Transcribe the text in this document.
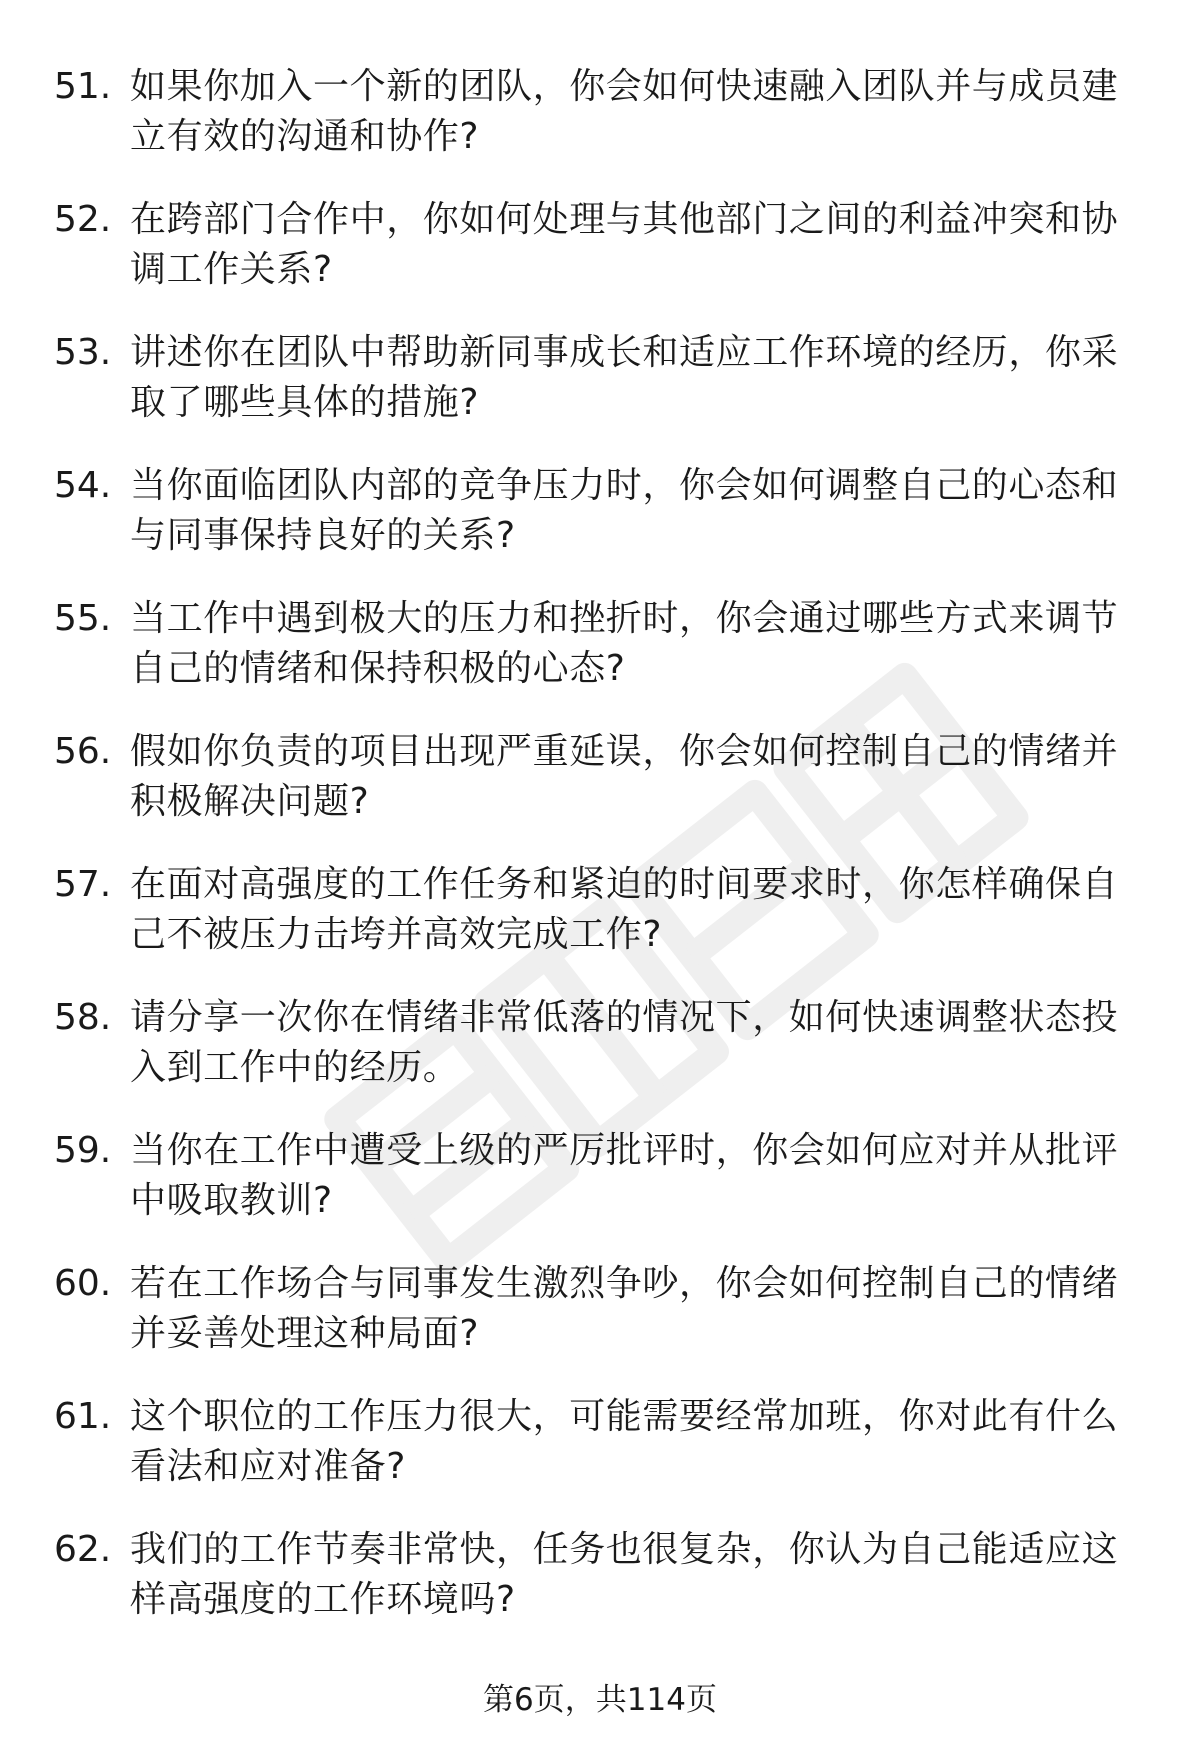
51. 如果你加入一个新的团队，你会如何快速融入团队并与成员建立有效的沟通和协作?
52. 在跨部门合作中，你如何处理与其他部门之间的利益冲突和协调工作关系?
53. 讲述你在团队中帮助新同事成长和适应工作环境的经历，你采取了哪些具体的措施?
54. 当你面临团队内部的竞争压力时，你会如何调整自己的心态和与同事保持良好的关系?
55. 当工作中遇到极大的压力和挫折时，你会通过哪些方式来调节自己的情绪和保持积极的心态?
56. 假如你负责的项目出现严重延误，你会如何控制自己的情绪并积极解决问题?
57. 在面对高强度的工作任务和紧迫的时间要求时，你怎样确保自己不被压力击垮并高效完成工作?
58. 请分享一次你在情绪非常低落的情况下，如何快速调整状态投入到工作中的经历。
59. 当你在工作中遭受上级的严厉批评时，你会如何应对并从批评中吸取教训?
60. 若在工作场合与同事发生激烈争吵，你会如何控制自己的情绪并妥善处理这种局面?
61. 这个职位的工作压力很大，可能需要经常加班，你对此有什么看法和应对准备?
62. 我们的工作节奏非常快，任务也很复杂，你认为自己能适应这样高强度的工作环境吗?
第6页，共114页
